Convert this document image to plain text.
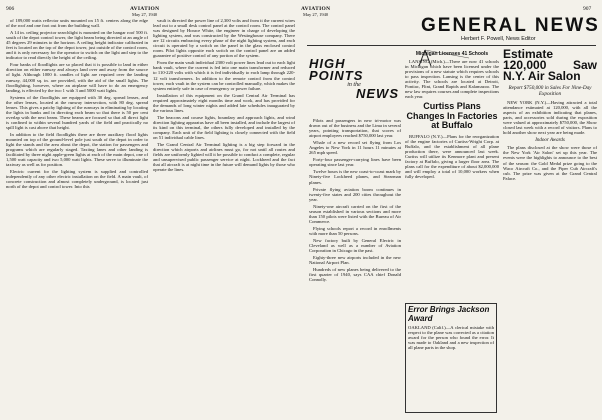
906	AVIATION
May 27, 1940

of 189,000 watts reflector units mounted on 15 ft. centers along the edge of the roof and one foot out from the building wall.

A 14 in. ceiling projector searchlight is mounted on the hangar roof 500 ft. south of the depot control tower, the light beam being directed at an angle of 45 degrees 29 minutes to the horizon. A ceiling height indicator calibrated in feet is located on the top of the depot tower, just outside of the control room, and it is only necessary for the operator to switch on the light and step to the indicator to read directly the height of the ceiling.

Four banks of floodlights are so placed that it is possible to land in either direction on either runway and always land over and away from the source of light. Although 1000 ft. candles of light are required over the landing runway, 44,000 sq. in. are provided, with the aid of the small lights. The floodlighting, however, where an airplane will have to do an emergency landing, is effected by the two 1 with 3 and 5000 watt lights.

Systems of the floodlights are equipped with 30 deg. spread lenses, and the other lenses, located at the runway intersection, with 80 deg. spread lenses. This gives a patchy lighting of the runways in eliminating by locating the lights in banks and in directing each beam so that there is 50 per cent overlap with the next beam. These beams are focused so that all direct light is confined to within several hundred yards of the field and practically no spill light is cast above that height.

In addition to the field floodlights there are three auxiliary flood lights mounted on top of the ground-level pole just south of the depot in order to light the stands and the area about the depot, the station for passengers and programs which are regularly staged. Taxiing lanes and other landing is facilitated by three night apple-green lights at each of the main depot, one of 1,500 watt capacity and two 5,000 watt lights. These serve to illuminate the taxiway as well as for position.

Electric current for the lighting system is supplied and controlled independently of any other electric installation on the field. A main vault, of concrete construction and almost completely underground, is located just north of the depot and control tower. Into this

vault is directed the power line of 2,300 volts and from it the current wires lead out to a small desk control panel at the control room. The control panel was designed by Horace White, the engineer in charge of developing the lighting system, and was constructed by the Westinghouse company. There are 12 circuits embracing every phase of the night lighting system, and each circuit is operated by a switch on the panel in the glass enclosed control room. Pilot lights opposite each switch on the control panel are an added guarantee of positive control of any portion of the system.

From the main vault individual 2300 volt power lines lead out to each light bank vault, where the current is fed into one main transformer and reduced to 110-220 volts with which it is fed individually to each lamp through 220-12 volt transformers. In addition to the remote control from the control tower, each vault in the system can be controlled manually, which makes the system entirely safe in case of emergency or power failure.

Installation of this equipment on the Grand Central Air Terminal has required approximately eight months time and work, and has provided for the demands of long winter nights and added late schedules inaugurated by the various lines.

The beacons and course lights, boundary and approach lights, and wind direction lighting apparatus have all been installed, and include the largest of its kind on this terminal, the others fully developed and installed by the company. Each unit of the field lighting is closely connected with the field on 51 individual cable lines.

The Grand Central Air Terminal lighting is a big step forward in the direction which airports and airlines must go, for not until all routes and fields are uniformly lighted will it be possible to conduct a complete, regular and unsupervised public passenger service at night. Lockheed and the fact that all aircraft is at night time in the future will demand lights by those who operate the lines.

AVIATION
May 27, 1940
907
GENERAL NEWS
Herbert F. Powell, News Editor
HIGH POINTS
in the
NEWS

Pilots and passengers in new tri-motor was drawn out of the business and the Lima in several years, pointing transportation, that scores of airport employees reached $750,000 last year.

Whale of a new record set flying from Los Angeles to New York in 11 hours 11 minutes at 265 mph speed.

Forty-four passenger-carrying lines have been operating since last year.

Twelve hours is the new coast-to-coast mark by Ninety-five Lockheed planes, and Stearman planes.

Private flying aviation boom continues in twenty-five states and 200 cities throughout the year.

Ninety-one aircraft carried on the first of the season established in various sections and more than 150 pilots were listed with the Bureau of Air Commerce.

Flying schools report a record in enrollments with more than 50 persons.

New factory built by General Electric in Cleveland as well as a number of Aviation Corporation in Chicago in the past.

Eighty-three new airports included in the new National Airport Plan.

Hundreds of new planes being delivered to the first quarter of 1940, says CAA chief Donald Connolly.

Michigan Licenses 41 Schools

LANSING (Mich.)—There are now 41 schools in Michigan which have been licensed under the provisions of a new statute which requires schools to pass inspection. Lansing is the center of this activity. The schools are located at Detroit, Pontiac, Flint, Grand Rapids and Kalamazoo. The new law requires courses and complete inspections each year.

Curtiss Plans Changes In Factories at Buffalo

BUFFALO (N.Y.)—Plans for the reorganization of the engine factories of Curtiss-Wright Corp. at Buffalo, and the establishment of all plane production there, were announced last week. Curtiss will utilize its Kenmore plant and present factory at Buffalo, giving a larger floor area. The plans call for the expenditure of about $2,000,000 and will employ a total of 10,000 workers when fully developed.

Error Brings Jackson Award
OAKLAND (Calif.)—A clerical mistake with respect to the plane was corrected as a citation award for the person who found the error. It was made to Oakland and a new inspection of all plane parts in the shop.
Estimate 120,000 Saw N.Y. Air Salon
Report $750,000 in Sales For Nine-Day Exposition

NEW YORK (N.Y.)—Having attracted a total attendance estimated at 120,000, with all the aspects of an exhibition indicating that planes, parts, and accessories sold during the exposition were valued at approximately $750,000, the Show closed last week with a record of visitors. Plans to hold another show next year are being made.

Indoor Awards

The plans disclosed at the show were those of the New York 'Air Salon' set up this year. The events were the highlights to announce to the best of the season: the Gold Medal prize going to the Waco Aircraft Co., and the Piper Cub Aircraft's cub. The prize was given at the Grand Central Palace.
